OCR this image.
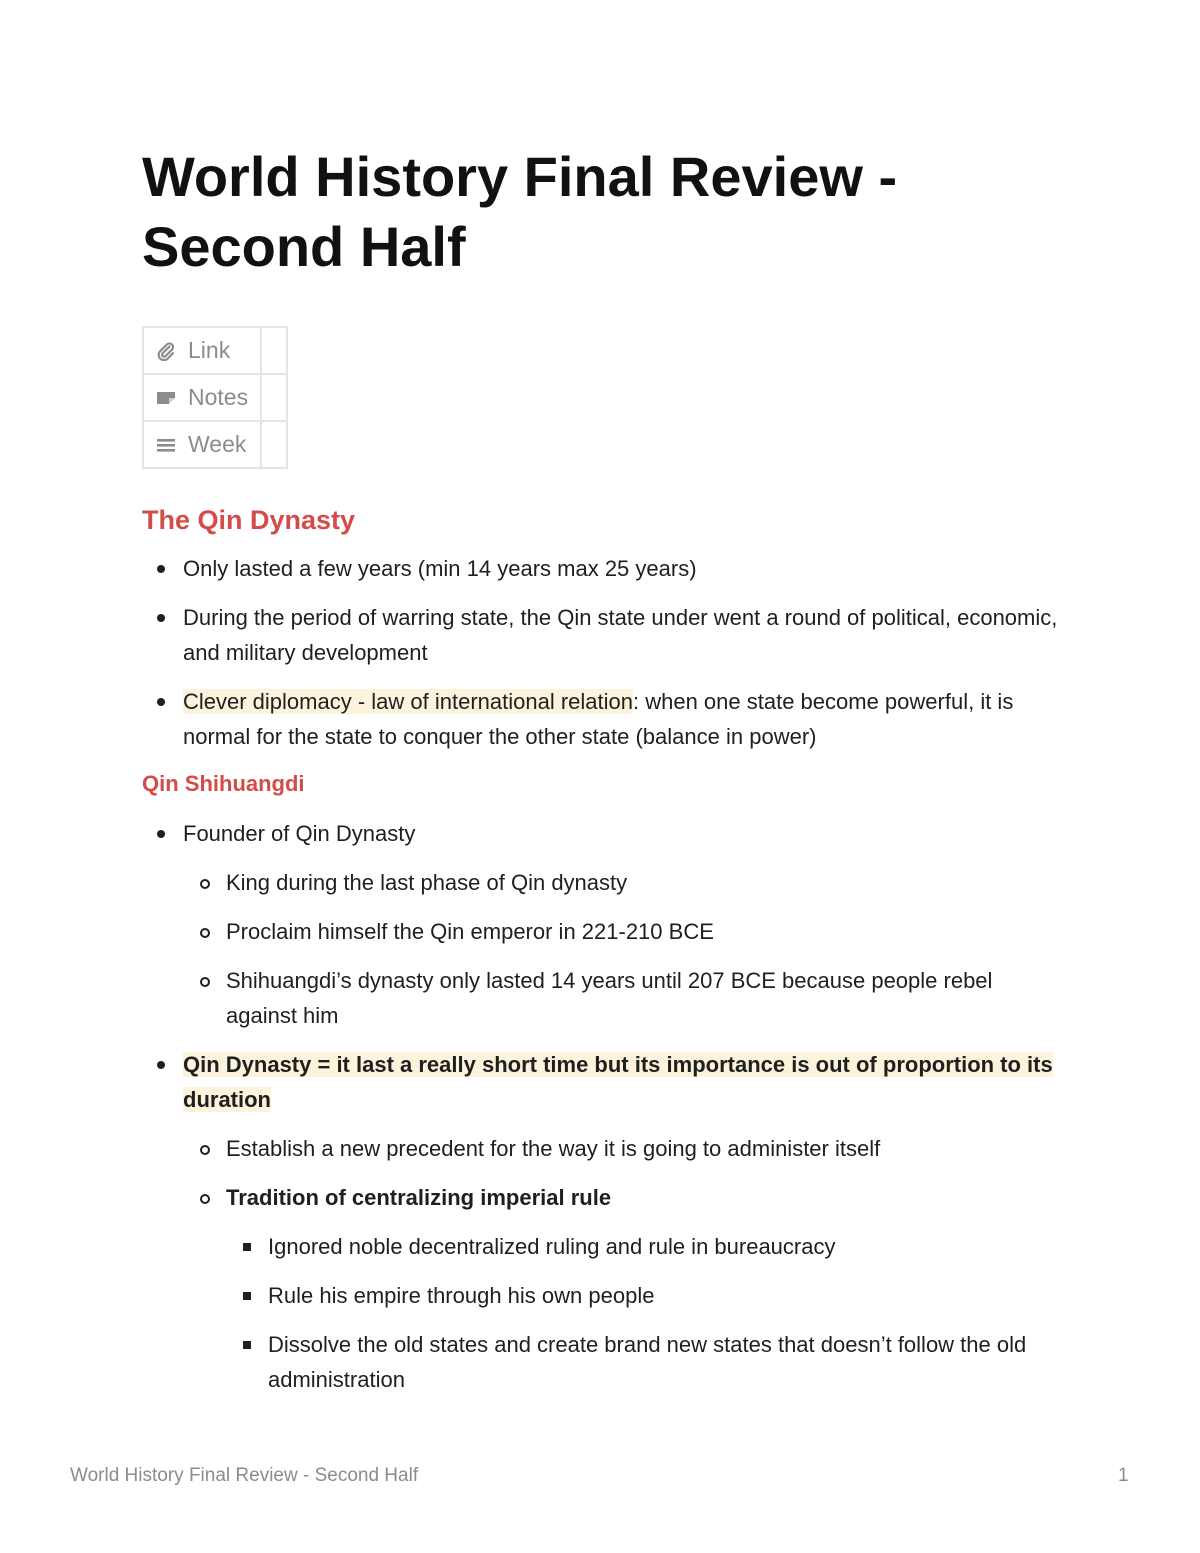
World History Final Review - Second Half
Link	

Notes	

Week	

The Qin Dynasty
Only lasted a few years (min 14 years max 25 years)
During the period of warring state, the Qin state under went a round of political, economic, and military development
Clever diplomacy - law of international relation: when one state become powerful, it is normal for the state to conquer the other state (balance in power)
Qin Shihuangdi
Founder of Qin Dynasty
King during the last phase of Qin dynasty
Proclaim himself the Qin emperor in 221-210 BCE
Shihuangdi’s dynasty only lasted 14 years until 207 BCE because people rebel against him
Qin Dynasty = it last a really short time but its importance is out of proportion to its duration
Establish a new precedent for the way it is going to administer itself
Tradition of centralizing imperial rule
Ignored noble decentralized ruling and rule in bureaucracy
Rule his empire through his own people
Dissolve the old states and create brand new states that doesn’t follow the old administration
World History Final Review - Second Half	1
